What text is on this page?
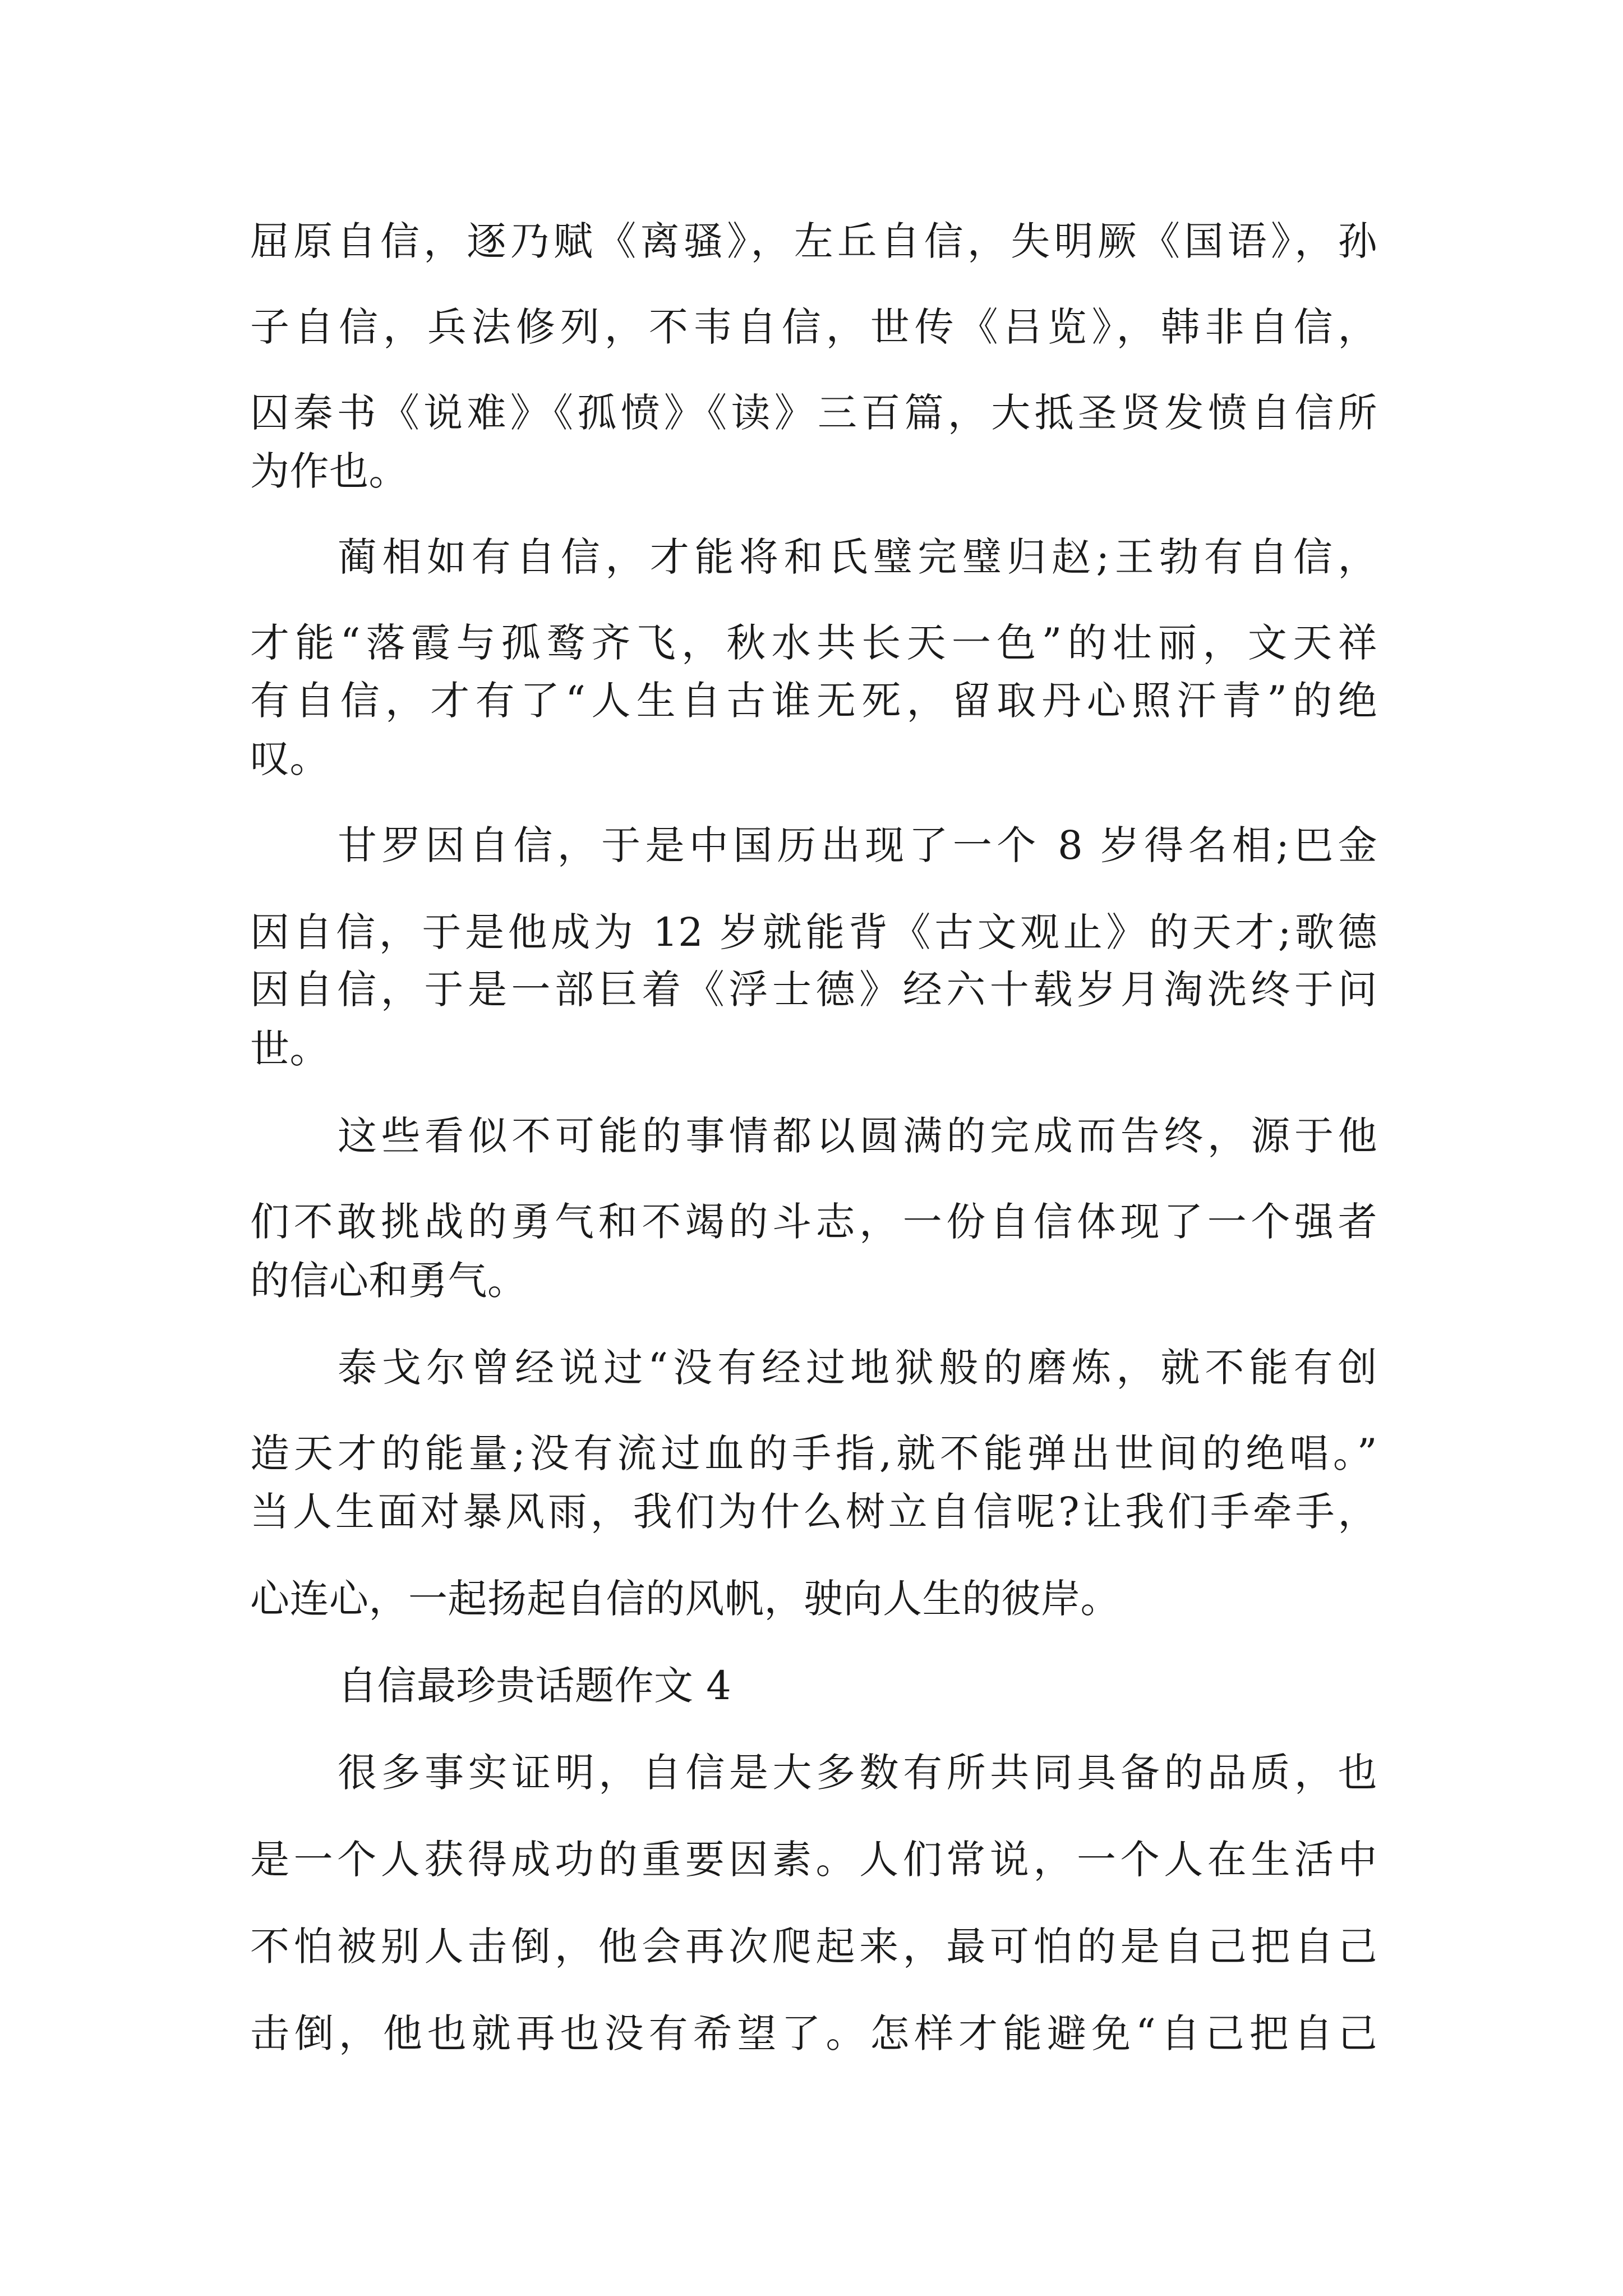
屈原自信，逐乃赋《离骚》，左丘自信，失明厥《国语》，孙
子自信，兵法修列，不韦自信，世传《吕览》，韩非自信，
囚秦书《说难》《孤愤》《读》三百篇，大抵圣贤发愤自信所
为作也。
蔺相如有自信，才能将和氏璧完璧归赵;王勃有自信，
才能“落霞与孤鹜齐飞，秋水共长天一色”的壮丽，文天祥
有自信，才有了“人生自古谁无死，留取丹心照汗青”的绝
叹。
甘罗因自信，于是中国历出现了一个 8 岁得名相;巴金
因自信，于是他成为 12 岁就能背《古文观止》的天才;歌德
因自信，于是一部巨着《浮士德》经六十载岁月淘洗终于问
世。
这些看似不可能的事情都以圆满的完成而告终，源于他
们不敢挑战的勇气和不竭的斗志，一份自信体现了一个强者
的信心和勇气。
泰戈尔曾经说过“没有经过地狱般的磨炼，就不能有创
造天才的能量;没有流过血的手指,就不能弹出世间的绝唱。”
当人生面对暴风雨，我们为什么树立自信呢?让我们手牵手，
心连心，一起扬起自信的风帆，驶向人生的彼岸。
自信最珍贵话题作文 4
很多事实证明，自信是大多数有所共同具备的品质，也
是一个人获得成功的重要因素。人们常说，一个人在生活中
不怕被别人击倒，他会再次爬起来，最可怕的是自己把自己
击倒，他也就再也没有希望了。怎样才能避免“自己把自己
